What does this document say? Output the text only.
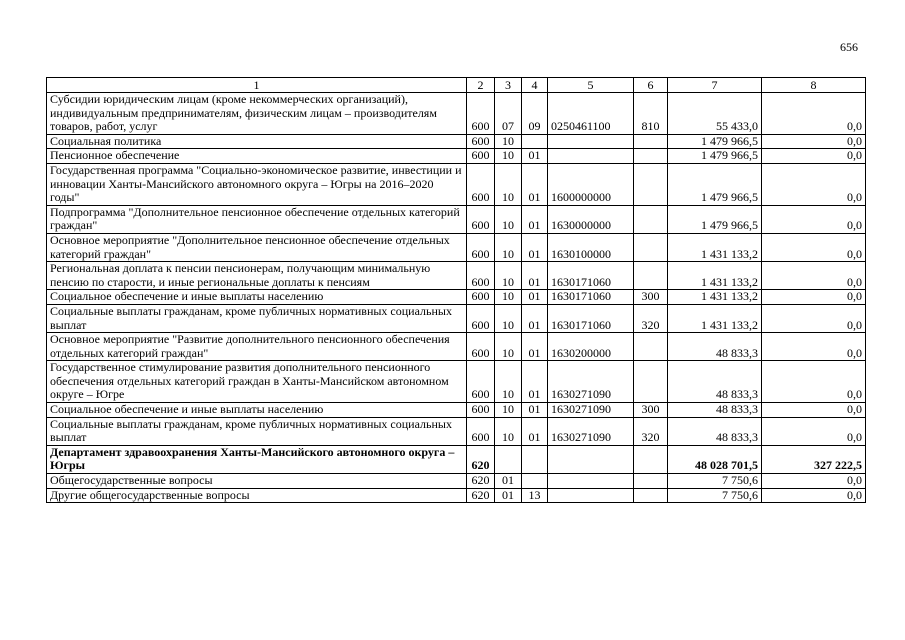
656
1	2	3	4	5	6	7	8
Субсидии юридическим лицам (кроме некоммерческих организаций), индивидуальным предпринимателям, физическим лицам – производителям товаров, работ, услуг	600	07	09	0250461100	810	55 433,0	0,0
Социальная политика	600	10				1 479 966,5	0,0
Пенсионное обеспечение	600	10	01			1 479 966,5	0,0
Государственная программа "Социально-экономическое развитие, инвестиции и инновации Ханты-Мансийского автономного округа – Югры на 2016–2020 годы"	600	10	01	1600000000		1 479 966,5	0,0
Подпрограмма "Дополнительное пенсионное обеспечение отдельных категорий граждан"	600	10	01	1630000000		1 479 966,5	0,0
Основное мероприятие "Дополнительное пенсионное обеспечение отдельных категорий граждан"	600	10	01	1630100000		1 431 133,2	0,0
Региональная доплата к пенсии пенсионерам, получающим минимальную пенсию по старости, и иные региональные доплаты к пенсиям	600	10	01	1630171060		1 431 133,2	0,0
Социальное обеспечение и иные выплаты населению	600	10	01	1630171060	300	1 431 133,2	0,0
Социальные выплаты гражданам, кроме публичных нормативных социальных выплат	600	10	01	1630171060	320	1 431 133,2	0,0
Основное мероприятие "Развитие дополнительного пенсионного обеспечения отдельных категорий граждан"	600	10	01	1630200000		48 833,3	0,0
Государственное стимулирование развития дополнительного пенсионного обеспечения отдельных категорий граждан в Ханты-Мансийском автономном округе – Югре	600	10	01	1630271090		48 833,3	0,0
Социальное обеспечение и иные выплаты населению	600	10	01	1630271090	300	48 833,3	0,0
Социальные выплаты гражданам, кроме публичных нормативных социальных выплат	600	10	01	1630271090	320	48 833,3	0,0
Департамент здравоохранения Ханты-Мансийского автономного округа – Югры	620					48 028 701,5	327 222,5
Общегосударственные вопросы	620	01				7 750,6	0,0
Другие общегосударственные вопросы	620	01	13			7 750,6	0,0
